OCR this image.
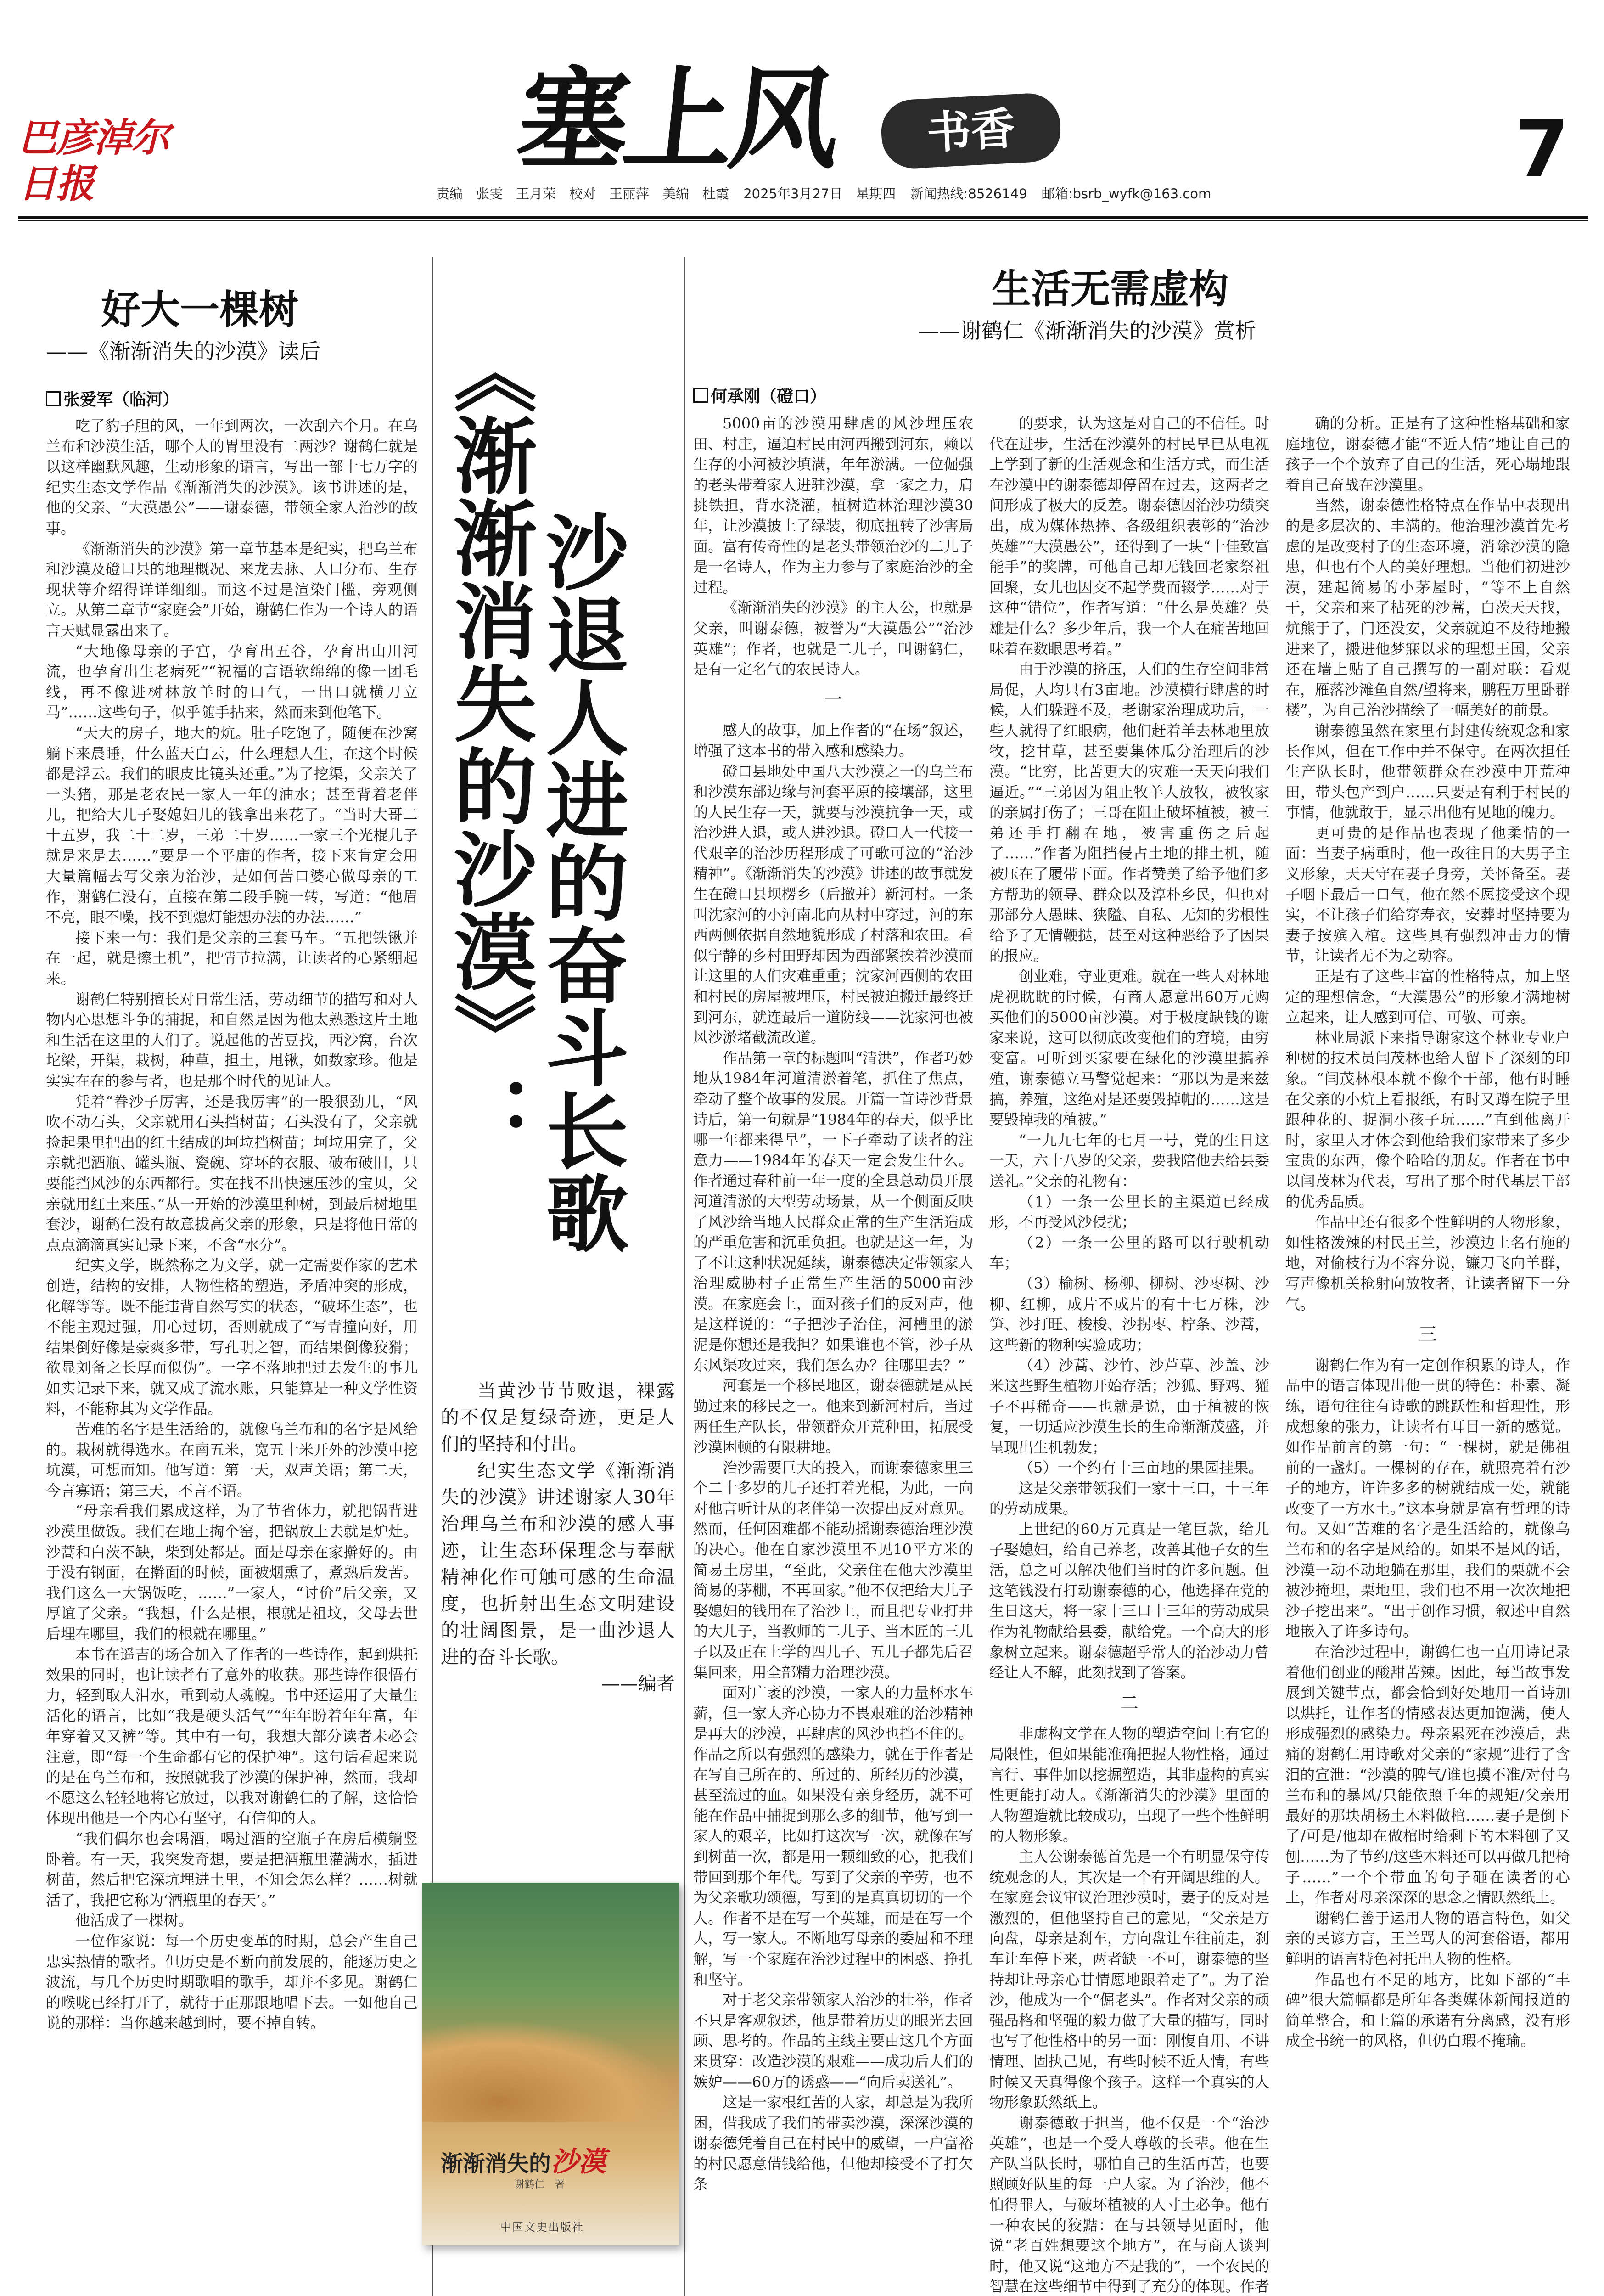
巴彦淖尔日报	塞上风	书香	7
责编　张雯　王月荣　校对　王丽萍　美编　杜霞 2025年3月27日　星期四 新闻热线:8526149 邮箱:bsrb_wyfk@163.com
好大一棵树
——《渐渐消失的沙漠》读后
张爱军（临河）

吃了豹子胆的风，一年到两次，一次刮六个月。在乌兰布和沙漠生活，哪个人的胃里没有二两沙？谢鹤仁就是以这样幽默风趣，生动形象的语言，写出一部十七万字的纪实生态文学作品《渐渐消失的沙漠》。该书讲述的是，他的父亲、“大漠愚公”——谢泰德，带领全家人治沙的故事。

《渐渐消失的沙漠》第一章节基本是纪实，把乌兰布和沙漠及磴口县的地理概况、来龙去脉、人口分布、生存现状等介绍得详详细细。而这不过是渲染门槛，旁观侧立。从第二章节“家庭会”开始，谢鹤仁作为一个诗人的语言天赋显露出来了。

“大地像母亲的子宫，孕育出五谷，孕育出山川河流，也孕育出生老病死”“祝福的言语软绵绵的像一团毛线，再不像进树林放羊时的口气，一出口就横刀立马”……这些句子，似乎随手拈来，然而来到他笔下。

“天大的房子，地大的炕。肚子吃饱了，随便在沙窝躺下来晨睡，什么蓝天白云，什么理想人生，在这个时候都是浮云。我们的眼皮比镜头还重。”为了挖渠，父亲关了一头猪，那是老农民一家人一年的油水；甚至背着老伴儿，把给大儿子娶媳妇儿的钱拿出来花了。“当时大哥二十五岁，我二十二岁，三弟二十岁……一家三个光棍儿子就是来是去……”要是一个平庸的作者，接下来肯定会用大量篇幅去写父亲为治沙，是如何苦口婆心做母亲的工作，谢鹤仁没有，直接在第二段手腕一转，写道：“他眉不亮，眼不噪，找不到熄灯能想办法的办法……”

接下来一句：我们是父亲的三套马车。“五把铁锹并在一起，就是擦土机”，把情节拉满，让读者的心紧绷起来。

谢鹤仁特别擅长对日常生活，劳动细节的描写和对人物内心思想斗争的捕捉，和自然是因为他太熟悉这片土地和生活在这里的人们了。说起他的苦豆找，西沙窝，台次坨梁，开渠，栽树，种草，担土，甩锹，如数家珍。他是实实在在的参与者，也是那个时代的见证人。

凭着“眷沙子厉害，还是我厉害”的一股狠劲儿，“风吹不动石头，父亲就用石头挡树苗；石头没有了，父亲就捡起果里把出的红土结成的坷垃挡树苗；坷垃用完了，父亲就把酒瓶、罐头瓶、瓷碗、穿坏的衣服、破布破旧，只要能挡风沙的东西都行。实在找不出快速压沙的宝贝，父亲就用红土来压。”从一开始的沙漠里种树，到最后树地里套沙，谢鹤仁没有故意拔高父亲的形象，只是将他日常的点点滴滴真实记录下来，不含“水分”。

纪实文学，既然称之为文学，就一定需要作家的艺术创造，结构的安排，人物性格的塑造，矛盾冲突的形成，化解等等。既不能违背自然写实的状态，“破坏生态”，也不能主观过强，用心过切，否则就成了“写青撞向好，用结果倒好像是豪爽多带，写孔明之智，而结果倒像狡猾；欲显刘备之长厚而似伪”。一字不落地把过去发生的事儿如实记录下来，就又成了流水账，只能算是一种文学性资料，不能称其为文学作品。

苦难的名字是生活给的，就像乌兰布和的名字是风给的。栽树就得选水。在南五米，宽五十米开外的沙漠中挖坑漠，可想而知。他写道：第一天，双声关语；第二天，今言寡语；第三天，不言不语。

“母亲看我们累成这样，为了节省体力，就把锅背进沙漠里做饭。我们在地上掏个窑，把锅放上去就是炉灶。沙蒿和白茨不缺，柴到处都是。面是母亲在家擀好的。由于没有钢面，在擀面的时候，面被烟熏了，煮熟后发苦。我们这么一大锅饭吃，……”一家人，“讨价”后父亲，又厚谊了父亲。“我想，什么是根，根就是祖坟，父母去世后埋在哪里，我们的根就在哪里。”

本书在遥吉的场合加入了作者的一些诗作，起到烘托效果的同时，也让读者有了意外的收获。那些诗作很悟有力，轻到取人泪水，重到动人魂魄。书中还运用了大量生活化的语言，比如“我是硬头活气”“年年盼着年年富，年年穿着又又裤”等。其中有一句，我想大部分读者未必会注意，即“每一个生命都有它的保护神”。这句话看起来说的是在乌兰布和，按照就我了沙漠的保护神，然而，我却不愿这么轻轻地将它放过，以我对谢鹤仁的了解，这恰恰体现出他是一个内心有坚守，有信仰的人。

“我们偶尔也会喝酒，喝过酒的空瓶子在房后横躺竖卧着。有一天，我突发奇想，要是把酒瓶里灌满水，插进树苗，然后把它深坑埋进土里，不知会怎么样？……树就活了，我把它称为‘酒瓶里的春天’。”

他活成了一棵树。

一位作家说：每一个历史变革的时期，总会产生自己忠实热情的歌者。但历史是不断向前发展的，能逐历史之波流，与几个历史时期歌唱的歌手，却并不多见。谢鹤仁的喉咙已经打开了，就待于正那跟地唱下去。一如他自己说的那样：当你越来越到时，要不掉自转。

《渐渐消失的沙漠》：
沙退人进的奋斗长歌

当黄沙节节败退，裸露的不仅是复绿奇迹，更是人们的坚持和付出。

纪实生态文学《渐渐消失的沙漠》讲述谢家人30年治理乌兰布和沙漠的感人事迹，让生态环保理念与奉献精神化作可触可感的生命温度，也折射出生态文明建设的壮阔图景，是一曲沙退人进的奋斗长歌。

——编者
渐渐消失的沙漠
谢鹤仁　著
中国文史出版社
生活无需虚构
——谢鹤仁《渐渐消失的沙漠》赏析
何承刚（磴口）

5000亩的沙漠用肆虐的风沙埋压农田、村庄，逼迫村民由河西搬到河东，赖以生存的小河被沙填满，年年淤满。一位倔强的老头带着家人进驻沙漠，拿一家之力，肩挑铁担，背水浇灌，植树造林治理沙漠30年，让沙漠披上了绿装，彻底扭转了沙害局面。富有传奇性的是老头带领治沙的二儿子是一名诗人，作为主力参与了家庭治沙的全过程。

《渐渐消失的沙漠》的主人公，也就是父亲，叫谢泰德，被誉为“大漠愚公”“治沙英雄”；作者，也就是二儿子，叫谢鹤仁，是有一定名气的农民诗人。

一

感人的故事，加上作者的“在场”叙述，增强了这本书的带入感和感染力。

磴口县地处中国八大沙漠之一的乌兰布和沙漠东部边缘与河套平原的接壤部，这里的人民生存一天，就要与沙漠抗争一天，或治沙进人退，或人进沙退。磴口人一代接一代艰辛的治沙历程形成了可歌可泣的“治沙精神”。《渐渐消失的沙漠》讲述的故事就发生在磴口县坝楞乡（后撤并）新河村。一条叫沈家河的小河南北向从村中穿过，河的东西两侧依据自然地貌形成了村落和农田。看似宁静的乡村田野却因为西部紧挨着沙漠而让这里的人们灾难重重；沈家河西侧的农田和村民的房屋被埋压，村民被迫搬迁最终迁到河东，就连最后一道防线——沈家河也被风沙淤堵截流改道。

作品第一章的标题叫“清洪”，作者巧妙地从1984年河道清淤着笔，抓住了焦点，牵动了整个故事的发展。开篇一首诗沙背景诗后，第一句就是“1984年的春天，似乎比哪一年都来得早”，一下子牵动了读者的注意力——1984年的春天一定会发生什么。作者通过春种前一年一度的全县总动员开展河道清淤的大型劳动场景，从一个侧面反映了风沙给当地人民群众正常的生产生活造成的严重危害和沉重负担。也就是这一年，为了不让这种状况延续，谢泰德决定带领家人治理威胁村子正常生产生活的5000亩沙漠。在家庭会上，面对孩子们的反对声，他是这样说的：“子把沙子治住，河槽里的淤泥是你想还是我担？如果谁也不管，沙子从东风渠攻过来，我们怎么办？往哪里去？”

河套是一个移民地区，谢泰德就是从民勤过来的移民之一。他来到新河村后，当过两任生产队长，带领群众开荒种田，拓展受沙漠困顿的有限耕地。

治沙需要巨大的投入，而谢泰德家里三个二十多岁的儿子还打着光棍，为此，一向对他言听计从的老伴第一次提出反对意见。然而，任何困难都不能动摇谢泰德治理沙漠的决心。他在自家沙漠里不见10平方米的简易土房里，“至此，父亲住在他大沙漠里简易的茅棚，不再回家。”他不仅把给大儿子娶媳妇的钱用在了治沙上，而且把专业打井的大儿子，当教师的二儿子、当木匠的三儿子以及正在上学的四儿子、五儿子都先后召集回来，用全部精力治理沙漠。

面对广袤的沙漠，一家人的力量杯水车薪，但一家人齐心协力不畏艰难的治沙精神是再大的沙漠，再肆虐的风沙也挡不住的。作品之所以有强烈的感染力，就在于作者是在写自己所在的、所过的、所经历的沙漠，甚至流过的血。如果没有亲身经历，就不可能在作品中捕捉到那么多的细节，他写到一家人的艰辛，比如打这次写一次，就像在写到树苗一次，都是用一颗细致的心，把我们带回到那个年代。写到了父亲的辛劳，也不为父亲歌功颂德，写到的是真真切切的一个人。作者不是在写一个英雄，而是在写一个人，写一家人。不断地写母亲的委屈和不理解，写一个家庭在治沙过程中的困惑、挣扎和坚守。

对于老父亲带领家人治沙的壮举，作者不只是客观叙述，他是带着历史的眼光去回顾、思考的。作品的主线主要由这几个方面来贯穿：改造沙漠的艰难——成功后人们的嫉妒——60万的诱惑——“向后卖送礼”。

这是一家根红苦的人家，却总是为我所困，借我成了我们的带卖沙漠，深深沙漠的谢泰德凭着自己在村民中的威望，一户富裕的村民愿意借钱给他，但他却接受不了打欠条

的要求，认为这是对自己的不信任。时代在进步，生活在沙漠外的村民早已从电视上学到了新的生活观念和生活方式，而生活在沙漠中的谢泰德却停留在过去，这两者之间形成了极大的反差。谢泰德因治沙功绩突出，成为媒体热捧、各级组织表彰的“治沙英雄”“大漠愚公”，还得到了一块“十佳致富能手”的奖牌，可他自己却无钱回老家祭祖回聚，女儿也因交不起学费而辍学……对于这种“错位”，作者写道：“什么是英雄？英雄是什么？多少年后，我一个人在痛苦地回味着在数眼思考着。”

由于沙漠的挤压，人们的生存空间非常局促，人均只有3亩地。沙漠横行肆虐的时候，人们躲避不及，老谢家治理成功后，一些人就得了红眼病，他们赶着羊去林地里放牧，挖甘草，甚至要集体瓜分治理后的沙漠。“比穷，比苦更大的灾难一天天向我们逼近。”“三弟因为阻止牧羊人放牧，被牧家的亲属打伤了；三哥在阻止破坏植被，被三弟还手打翻在地，被害重伤之后起了……”作者为阻挡侵占土地的排土机，随被压在了履带下面。作者赞美了给予他们多方帮助的领导、群众以及淳朴乡民，但也对那部分人愚昧、狭隘、自私、无知的劣根性给予了无情鞭挞，甚至对这种恶给予了因果的报应。

创业难，守业更难。就在一些人对林地虎视眈眈的时候，有商人愿意出60万元购买他们的5000亩沙漠。对于极度缺钱的谢家来说，这可以彻底改变他们的窘境，由穷变富。可听到买家要在绿化的沙漠里搞养殖，谢泰德立马警觉起来：“那以为是来兹搞，养殖，这绝对是还要毁掉帽的……这是要毁掉我的植被。”

“一九九七年的七月一号，党的生日这一天，六十八岁的父亲，要我陪他去给县委送礼。”父亲的礼物有：

（1）一条一公里长的主渠道已经成形，不再受风沙侵扰；

（2）一条一公里的路可以行驶机动车；

（3）榆树、杨柳、柳树、沙枣树、沙柳、红柳，成片不成片的有十七万株，沙笋、沙打旺、梭梭、沙拐枣、柠条、沙蒿，这些新的物种实验成功；

（4）沙蒿、沙竹、沙芦草、沙盖、沙米这些野生植物开始存活；沙狐、野鸡、獾子不再稀奇——也就是说，由于植被的恢复，一切适应沙漠生长的生命渐渐茂盛，并呈现出生机勃发；

（5）一个约有十三亩地的果园挂果。

这是父亲带领我们一家十三口，十三年的劳动成果。

上世纪的60万元真是一笔巨款，给儿子娶媳妇，给自己养老，改善其他子女的生活，总之可以解决他们当时的许多问题。但这笔钱没有打动谢泰德的心，他选择在党的生日这天，将一家十三口十三年的劳动成果作为礼物献给县委，献给党。一个高大的形象树立起来。谢泰德超乎常人的治沙动力曾经让人不解，此刻找到了答案。

二

非虚构文学在人物的塑造空间上有它的局限性，但如果能准确把握人物性格，通过言行、事件加以挖掘塑造，其非虚构的真实性更能打动人。《渐渐消失的沙漠》里面的人物塑造就比较成功，出现了一些个性鲜明的人物形象。

主人公谢泰德首先是一个有明显保守传统观念的人，其次是一个有开阔思维的人。在家庭会议审议治理沙漠时，妻子的反对是激烈的，但他坚持自己的意见，“父亲是方向盘，母亲是刹车，方向盘让车往前走，刹车让车停下来，两者缺一不可，谢泰德的坚持却让母亲心甘情愿地跟着走了”。为了治沙，他成为一个“倔老头”。作者对父亲的顽强品格和坚强的毅力做了大量的描写，同时也写了他性格中的另一面：刚愎自用、不讲情理、固执己见，有些时候不近人情，有些时候又天真得像个孩子。这样一个真实的人物形象跃然纸上。

谢泰德敢于担当，他不仅是一个“治沙英雄”，也是一个受人尊敬的长辈。他在生产队当队长时，哪怕自己的生活再苦，也要照顾好队里的每一户人家。为了治沙，他不怕得罪人，与破坏植被的人寸土必争。他有一种农民的狡黠：在与县领导见面时，他说“老百姓想要这个地方”，在与商人谈判时，他又说“这地方不是我的”，一个农民的智慧在这些细节中得到了充分的体现。作者

确的分析。正是有了这种性格基础和家庭地位，谢泰德才能“不近人情”地让自己的孩子一个个放弃了自己的生活，死心塌地跟着自己奋战在沙漠里。

当然，谢泰德性格特点在作品中表现出的是多层次的、丰满的。他治理沙漠首先考虑的是改变村子的生态环境，消除沙漠的隐患，但也有个人的美好理想。当他们初进沙漠，建起简易的小茅屋时，“等不上自然干，父亲和来了枯死的沙蒿，白茨天天找，炕熊于了，门还没安，父亲就迫不及待地搬进来了，搬进他梦寐以求的理想王国，父亲还在墙上贴了自己撰写的一副对联：看观在，雁落沙滩鱼自然/望将来，鹏程万里卧群楼”，为自己治沙描绘了一幅美好的前景。

谢泰德虽然在家里有封建传统观念和家长作风，但在工作中并不保守。在两次担任生产队长时，他带领群众在沙漠中开荒种田，带头包产到户……只要是有利于村民的事情，他就敢于，显示出他有见地的魄力。

更可贵的是作品也表现了他柔情的一面：当妻子病重时，他一改往日的大男子主义形象，天天守在妻子身旁，关怀备至。妻子咽下最后一口气，他在然不愿接受这个现实，不让孩子们给穿寿衣，安葬时坚持要为妻子按殡入棺。这些具有强烈冲击力的情节，让读者无不为之动容。

正是有了这些丰富的性格特点，加上坚定的理想信念，“大漠愚公”的形象才满地树立起来，让人感到可信、可敬、可亲。

林业局派下来指导谢家这个林业专业户种树的技术员闫茂林也给人留下了深刻的印象。“闫茂林根本就不像个干部，他有时睡在父亲的小炕上看报纸，有时又蹲在院子里跟种花的、捉洞小孩子玩……”直到他离开时，家里人才体会到他给我们家带来了多少宝贵的东西，像个哈哈的朋友。作者在书中以闫茂林为代表，写出了那个时代基层干部的优秀品质。

作品中还有很多个性鲜明的人物形象，如性格泼辣的村民王兰，沙漠边上名有施的地，对偷枝行为不容分说，镰刀飞向羊群，写声像机关枪射向放牧者，让读者留下一分气。

三

谢鹤仁作为有一定创作积累的诗人，作品中的语言体现出他一贯的特色：朴素、凝练，语句往往有诗歌的跳跃性和哲理性，形成想象的张力，让读者有耳目一新的感觉。如作品前言的第一句：“一棵树，就是佛祖前的一盏灯。一棵树的存在，就照亮着有沙子的地方，许许多多的树就结成一处，就能改变了一方水土。”这本身就是富有哲理的诗句。又如“苦难的名字是生活给的，就像乌兰布和的名字是风给的。如果不是风的话，沙漠一动不动地躺在那里，我们的栗就不会被沙掩埋，栗地里，我们也不用一次次地把沙子挖出来”。“出于创作习惯，叙述中自然地嵌入了许多诗句。

在治沙过程中，谢鹤仁也一直用诗记录着他们创业的酸甜苦辣。因此，每当故事发展到关键节点，都会恰到好处地用一首诗加以烘托，让作者的情感表达更加饱满，使人形成强烈的感染力。母亲累死在沙漠后，悲痛的谢鹤仁用诗歌对父亲的“家规”进行了含泪的宣泄：“沙漠的脾气/谁也摸不准/对付乌兰布和的暴风/只能依照千年的规矩/父亲用最好的那块胡杨土木料做棺……妻子是倒下了/可是/他却在做棺时给剩下的木料刨了又刨……为了节约/这些木料还可以再做几把椅子……”一个个带血的句子砸在读者的心上，作者对母亲深深的思念之情跃然纸上。

谢鹤仁善于运用人物的语言特色，如父亲的民谚方言，王兰骂人的河套俗语，都用鲜明的语言特色衬托出人物的性格。

作品也有不足的地方，比如下部的“丰碑”很大篇幅都是所年各类媒体新闻报道的简单整合，和上篇的承诺有分离感，没有形成全书统一的风格，但仍白瑕不掩瑜。
